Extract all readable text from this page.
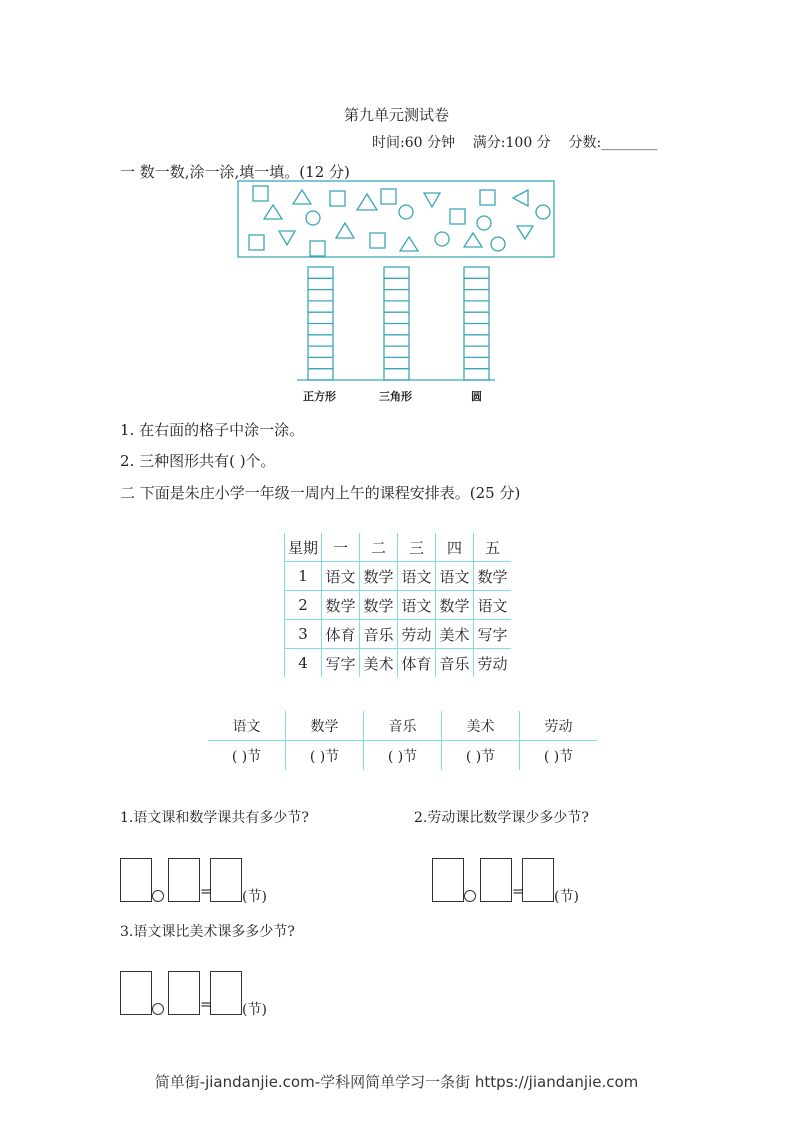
第九单元测试卷
时间:60 分钟 满分:100 分 分数:________
一 数一数,涂一涂,填一填。(12 分)
正方形	三角形	圆
1. 在右面的格子中涂一涂。
2. 三种图形共有( )个。
二 下面是朱庄小学一年级一周内上午的课程安排表。(25 分)
星期	一	二	三	四	五
1	语文	数学	语文	语文	数学
2	数学	数学	语文	数学	语文
3	体育	音乐	劳动	美术	写字
4	写字	美术	体育	音乐	劳动
语文	数学	音乐	美术	劳动
( )节	( )节	( )节	( )节	( )节
1.语文课和数学课共有多少节?	2.劳动课比数学课少多少节?
3.语文课比美术课多多少节?
= (节)	= (节)
= (节)
简单街-jiandanjie.com-学科网简单学习一条街 https://jiandanjie.com
